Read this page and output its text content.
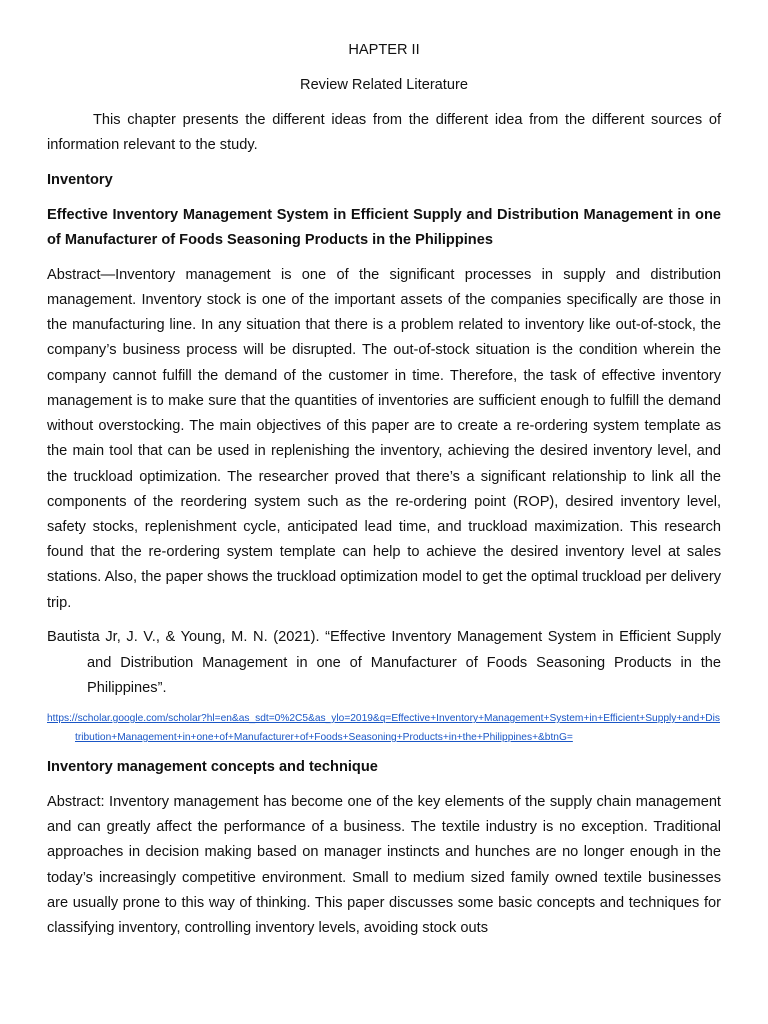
HAPTER II

Review Related Literature

This chapter presents the different ideas from the different idea from the different sources of information relevant to the study.

Inventory

Effective Inventory Management System in Efficient Supply and Distribution Management in one of Manufacturer of Foods Seasoning Products in the Philippines

Abstract—Inventory management is one of the significant processes in supply and distribution management. Inventory stock is one of the important assets of the companies specifically are those in the manufacturing line. In any situation that there is a problem related to inventory like out-of-stock, the company’s business process will be disrupted. The out-of-stock situation is the condition wherein the company cannot fulfill the demand of the customer in time. Therefore, the task of effective inventory management is to make sure that the quantities of inventories are sufficient enough to fulfill the demand without overstocking. The main objectives of this paper are to create a re-ordering system template as the main tool that can be used in replenishing the inventory, achieving the desired inventory level, and the truckload optimization. The researcher proved that there’s a significant relationship to link all the components of the reordering system such as the re-ordering point (ROP), desired inventory level, safety stocks, replenishment cycle, anticipated lead time, and truckload maximization. This research found that the re-ordering system template can help to achieve the desired inventory level at sales stations. Also, the paper shows the truckload optimization model to get the optimal truckload per delivery trip.

Bautista Jr, J. V., & Young, M. N. (2021). “Effective Inventory Management System in Efficient Supply and Distribution Management in one of Manufacturer of Foods Seasoning Products in the Philippines”.

https://scholar.google.com/scholar?hl=en&as_sdt=0%2C5&as_ylo=2019&q=Effective+Inventory+Management+System+in+Efficient+Supply+and+Distribution+Management+in+one+of+Manufacturer+of+Foods+Seasoning+Products+in+the+Philippines+&btnG=

Inventory management concepts and technique

Abstract: Inventory management has become one of the key elements of the supply chain management and can greatly affect the performance of a business. The textile industry is no exception. Traditional approaches in decision making based on manager instincts and hunches are no longer enough in the today’s increasingly competitive environment. Small to medium sized family owned textile businesses are usually prone to this way of thinking. This paper discusses some basic concepts and techniques for classifying inventory, controlling inventory levels, avoiding stock outs
